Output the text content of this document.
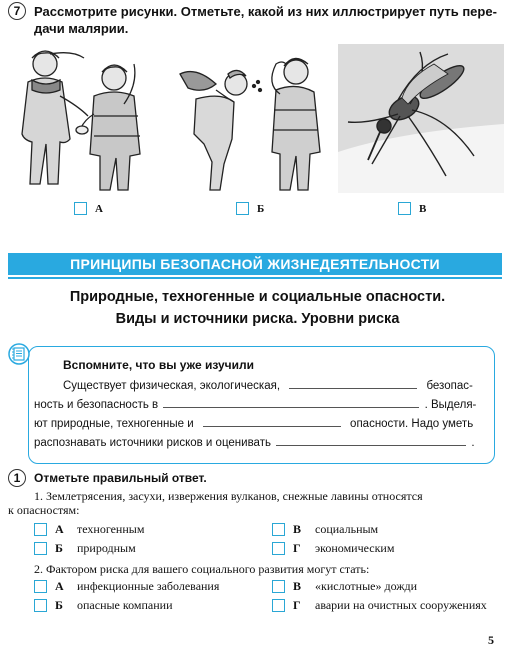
7	Рассмотрите рисунки. Отметьте, какой из них иллюстрирует путь пере-
дачи малярии.
А	Б	В
ПРИНЦИПЫ БЕЗОПАСНОЙ ЖИЗНЕДЕЯТЕЛЬНОСТИ
Природные, техногенные и социальные опасности.
Виды и источники риска. Уровни риска
Вспомните, что вы уже изучили
Существует физическая, экологическая,	безопас-
ность и безопасность в	. Выделя-
ют природные, техногенные и	опасности. Надо уметь
распознавать источники рисков и оценивать	.
1	Отметьте правильный ответ.
1. Землетрясения, засухи, извержения вулканов, снежные лавины относятся
к опасностям:
А	техногенным	В	социальным
Б	природным	Г	экономическим
2. Фактором риска для вашего социального развития могут стать:
А	инфекционные заболевания	В	«кислотные» дожди
Б	опасные компании	Г	аварии на очистных сооружениях
5
